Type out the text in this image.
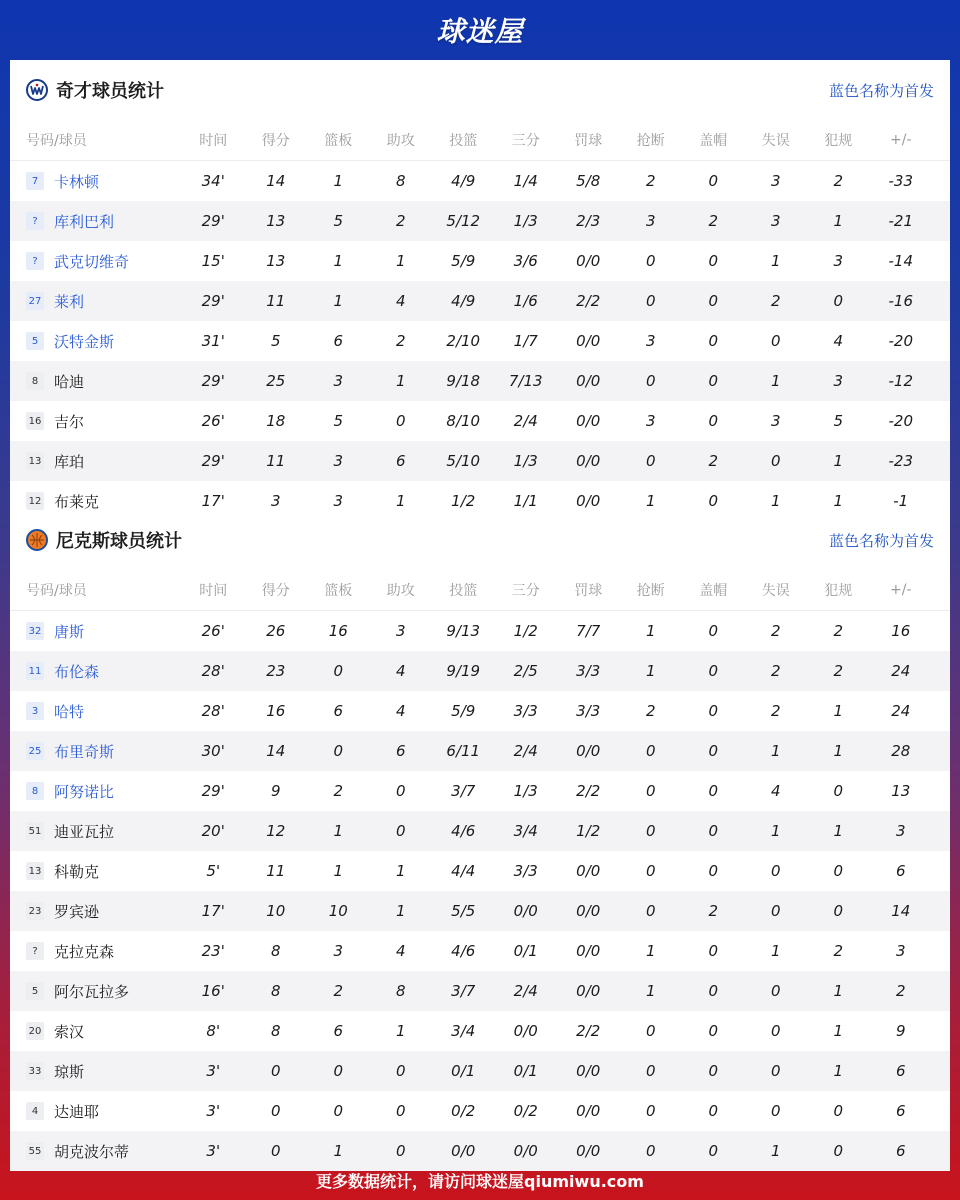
球迷屋
奇才球员统计	蓝色名称为首发
号码/球员	时间	得分	篮板	助攻	投篮	三分	罚球	抢断	盖帽	失误	犯规	+/-
7	卡林顿	34'	14	1	8	4/9	1/4	5/8	2	0	3	2	-33
?	库利巴利	29'	13	5	2	5/12	1/3	2/3	3	2	3	1	-21
?	武克切维奇	15'	13	1	1	5/9	3/6	0/0	0	0	1	3	-14
27 莱利	29'	11	1	4	4/9	1/6	2/2	0	0	2	0	-16
5	沃特金斯	31'	5	6	2	2/10	1/7	0/0	3	0	0	4	-20
8	哈迪	29'	25	3	1	9/18	7/13	0/0	0	0	1	3	-12
16 吉尔	26'	18	5	0	8/10	2/4	0/0	3	0	3	5	-20
13 库珀	29'	11	3	6	5/10	1/3	0/0	0	2	0	1	-23
12 布莱克	17'	3	3	1	1/2	1/1	0/0	1	0	1	1	-1
尼克斯球员统计	蓝色名称为首发
号码/球员	时间	得分	篮板	助攻	投篮	三分	罚球	抢断	盖帽	失误	犯规	+/-
32 唐斯	26'	26	16	3	9/13	1/2	7/7	1	0	2	2	16
11 布伦森	28'	23	0	4	9/19	2/5	3/3	1	0	2	2	24
3	哈特	28'	16	6	4	5/9	3/3	3/3	2	0	2	1	24
25 布里奇斯	30'	14	0	6	6/11	2/4	0/0	0	0	1	1	28
8	阿努诺比	29'	9	2	0	3/7	1/3	2/2	0	0	4	0	13
51 迪亚瓦拉	20'	12	1	0	4/6	3/4	1/2	0	0	1	1	3
13 科勒克	5'	11	1	1	4/4	3/3	0/0	0	0	0	0	6
23 罗宾逊	17'	10	10	1	5/5	0/0	0/0	0	2	0	0	14
?	克拉克森	23'	8	3	4	4/6	0/1	0/0	1	0	1	2	3
5	阿尔瓦拉多	16'	8	2	8	3/7	2/4	0/0	1	0	0	1	2
20 索汉	8'	8	6	1	3/4	0/0	2/2	0	0	0	1	9
33 琼斯	3'	0	0	0	0/1	0/1	0/0	0	0	0	1	6
4	达迪耶	3'	0	0	0	0/2	0/2	0/0	0	0	0	0	6
55 胡克波尔蒂	3'	0	1	0	0/0	0/0	0/0	0	0	1	0	6
更多数据统计，请访问球迷屋qiumiwu.com
